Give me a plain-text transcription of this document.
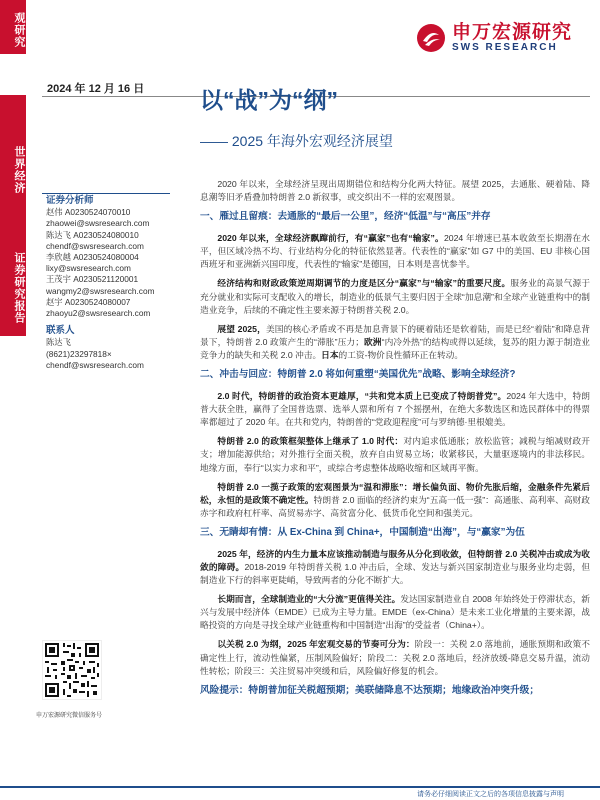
观研究
世界经济
证券研究报告
申万宏源研究
SWS RESEARCH
2024 年 12 月 16 日 以“战”为“纲”
—— 2025 年海外宏观经济展望
证券分析师
赵伟 A0230524070010
zhaowei@swsresearch.com
陈达飞 A0230524080010
chendf@swsresearch.com
李欣越 A0230524080004
lixy@swsresearch.com
王茂宇 A0230521120001
wangmy2@swsresearch.com
赵宇 A0230524080007
zhaoyu2@swsresearch.com
联系人
陈达飞
(8621)23297818×
chendf@swsresearch.com
申万宏源研究微信服务号

2020 年以来，全球经济呈现出周期错位和结构分化两大特征。展望 2025，去通胀、硬着陆、降息潮等旧矛盾叠加特朗普 2.0 新叙事，或交织出不一样的宏观图景。

一、雁过且留痕：去通胀的“最后一公里”，经济“低温”与“高压”并存

2020 年以来，全球经济飘蹿前行，有“赢家”也有“输家”。2024 年增速已基本收敛至长期潜在水平，但区域冷热不均、行业结构分化的特征依然显著。代表性的“赢家”如 G7 中的美国、EU 非核心国西班牙和亚洲新兴国印度，代表性的“输家”是德国，日本则是喜忧参半。

经济结构和财政政策逆周期调节的力度是区分“赢家”与“输家”的重要尺度。服务业的高景气源于充分就业和实际可支配收入的增长，制造业的低景气主要归因于全球“加息潮”和全球产业链重构中的制造业竞争，后续的不确定性主要来源于特朗普关税 2.0。

展望 2025，美国的核心矛盾或不再是加息背景下的硬着陆还是软着陆，而是已经“着陆”和降息背景下，特朗普 2.0 政策产生的“滞胀”压力；欧洲“内冷外热”的结构或得以延续，复苏的阻力源于制造业竞争力的缺失和关税 2.0 冲击。日本的工资-物价良性循环正在转动。

二、冲击与回应：特朗普 2.0 将如何重塑“美国优先”战略、影响全球经济?

2.0 时代，特朗普的政治资本更雄厚，“共和党本质上已变成了特朗普党”。2024 年大选中，特朗普大获全胜，赢得了全国普选票、选举人票和所有 7 个摇摆州，在绝大多数选区和选民群体中的得票率都超过了 2020 年。在共和党内，特朗普的“党政迎程度”可与罗纳德·里根媲美。

特朗普 2.0 的政策框架整体上继承了 1.0 时代：对内追求低通胀；放松监管；减税与缩减财政开支；增加能源供给；对外推行全面关税，放弃自由贸易立场；收紧移民，大量驱逐境内的非法移民。地缘方面，奉行“以实力求和平”，或综合考虑整体战略收缩和区域再平衡。

特朗普 2.0 一揽子政策的宏观图景为“温和滞胀”：增长偏负面、物价先胀后缩，金融条件先紧后松，永恒的是政策不确定性。特朗普 2.0 面临的经济约束为“五高一低一强”：高通胀、高利率、高财政赤字和政府杠杆率、高贸易赤字、高贫富分化、低货币化空间和强美元。

三、无睛却有情：从 Ex-China 到 China+，中国制造“出海”，与“赢家”为伍

2025 年，经济的内生力量本应该推动制造与服务从分化到收敛，但特朗普 2.0 关税冲击或成为收敛的障碍。2018-2019 年特朗普关税 1.0 冲击后，全球、发达与新兴国家制造业与服务业均走弱，但制造业下行的斜率更陡峭，导致两者的分化不断扩大。

长期而言，全球制造业的“大分流”更值得关注。发达国家制造业自 2008 年始终处于停滞状态，新兴与发展中经济体（EMDE）已成为主导力量。EMDE（ex-China）是未来工业化增量的主要来源，战略投资的方向是寻找全球产业链重构和中国制造“出海”的受益者（China+）。

以关税 2.0 为纲，2025 年宏观交易的节奏可分为：阶段一：关税 2.0 落地前，通胀预期和政策不确定性上行，流动性偏紧，压制风险偏好；阶段二：关税 2.0 落地后，经济放缓-降息交易升温，流动性转松；阶段三：关注贸易冲突缓和后，风险偏好修复的机会。

风险提示：特朗普加征关税超预期；美联储降息不达预期；地缘政治冲突升级；
请务必仔细阅读正文之后的各项信息披露与声明
